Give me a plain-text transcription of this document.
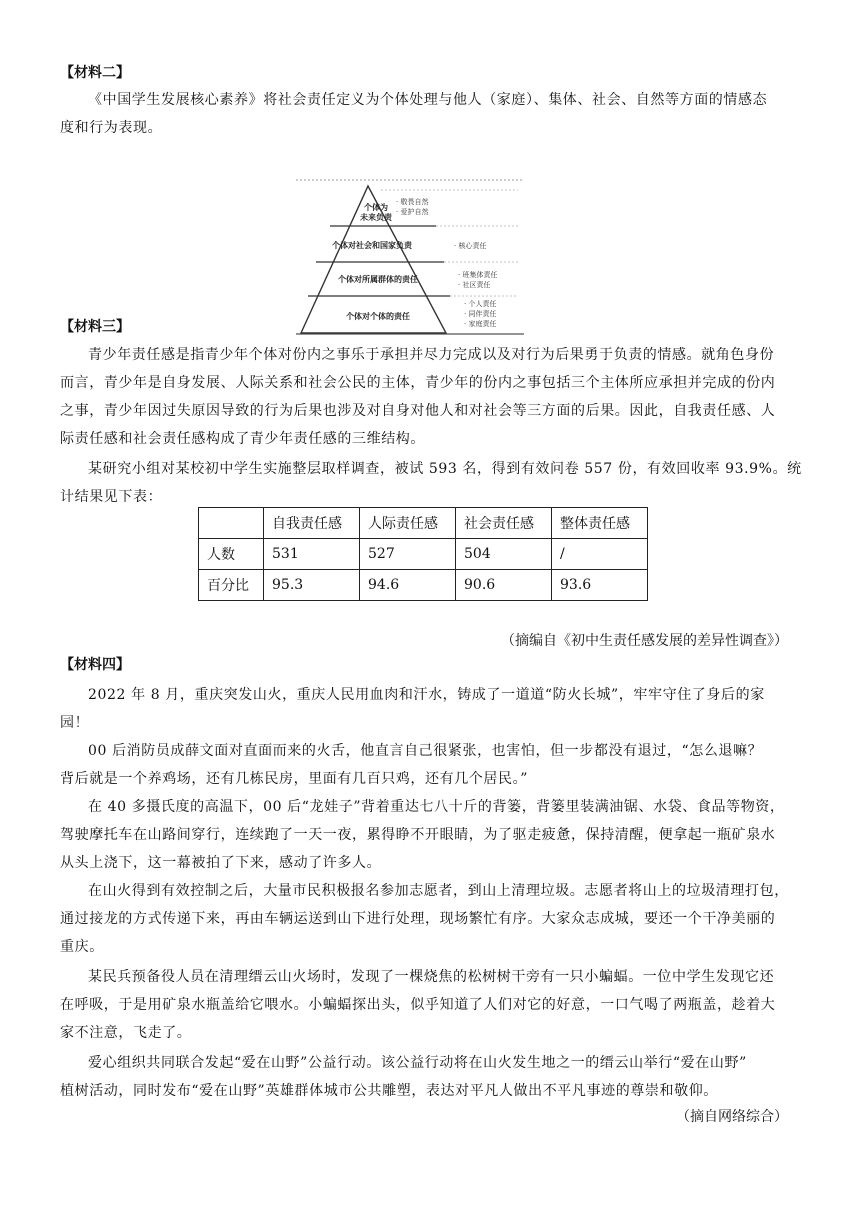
【材料二】
《中国学生发展核心素养》将社会责任定义为个体处理与他人（家庭）、集体、社会、自然等方面的情感态
度和行为表现。
个体为
未来负责
· 敬畏自然
· 爱护自然
个体对社会和国家负责	· 核心责任
个体对所属群体的责任	· 班集体责任
· 社区责任
个体对个体的责任
· 个人责任
· 同伴责任
· 家庭责任
【材料三】
青少年责任感是指青少年个体对份内之事乐于承担并尽力完成以及对行为后果勇于负责的情感。就角色身份
而言，青少年是自身发展、人际关系和社会公民的主体，青少年的份内之事包括三个主体所应承担并完成的份内
之事，青少年因过失原因导致的行为后果也涉及对自身对他人和对社会等三方面的后果。因此，自我责任感、人
际责任感和社会责任感构成了青少年责任感的三维结构。
某研究小组对某校初中学生实施整层取样调查，被试 593 名，得到有效问卷 557 份，有效回收率 93.9%。统
计结果见下表：
	自我责任感	人际责任感	社会责任感	整体责任感
人数	531	527	504	/
百分比	95.3	94.6	90.6	93.6
（摘编自《初中生责任感发展的差异性调查》）
【材料四】
2022 年 8 月，重庆突发山火，重庆人民用血肉和汗水，铸成了一道道“防火长城”，牢牢守住了身后的家
园！
00 后消防员成薛文面对直面而来的火舌，他直言自己很紧张，也害怕，但一步都没有退过，“怎么退嘛？
背后就是一个养鸡场，还有几栋民房，里面有几百只鸡，还有几个居民。”
在 40 多摄氏度的高温下，00 后“龙娃子”背着重达七八十斤的背篓，背篓里装满油锯、水袋、食品等物资，
驾驶摩托车在山路间穿行，连续跑了一天一夜，累得睁不开眼睛，为了驱走疲惫，保持清醒，便拿起一瓶矿泉水
从头上浇下，这一幕被拍了下来，感动了许多人。
在山火得到有效控制之后，大量市民积极报名参加志愿者，到山上清理垃圾。志愿者将山上的垃圾清理打包，
通过接龙的方式传递下来，再由车辆运送到山下进行处理，现场繁忙有序。大家众志成城，要还一个干净美丽的
重庆。
某民兵预备役人员在清理缙云山火场时，发现了一棵烧焦的松树树干旁有一只小蝙蝠。一位中学生发现它还
在呼吸，于是用矿泉水瓶盖给它喂水。小蝙蝠探出头，似乎知道了人们对它的好意，一口气喝了两瓶盖，趁着大
家不注意，飞走了。
爱心组织共同联合发起“爱在山野”公益行动。该公益行动将在山火发生地之一的缙云山举行“爱在山野”
植树活动，同时发布“爱在山野”英雄群体城市公共雕塑，表达对平凡人做出不平凡事迹的尊崇和敬仰。
（摘自网络综合）
